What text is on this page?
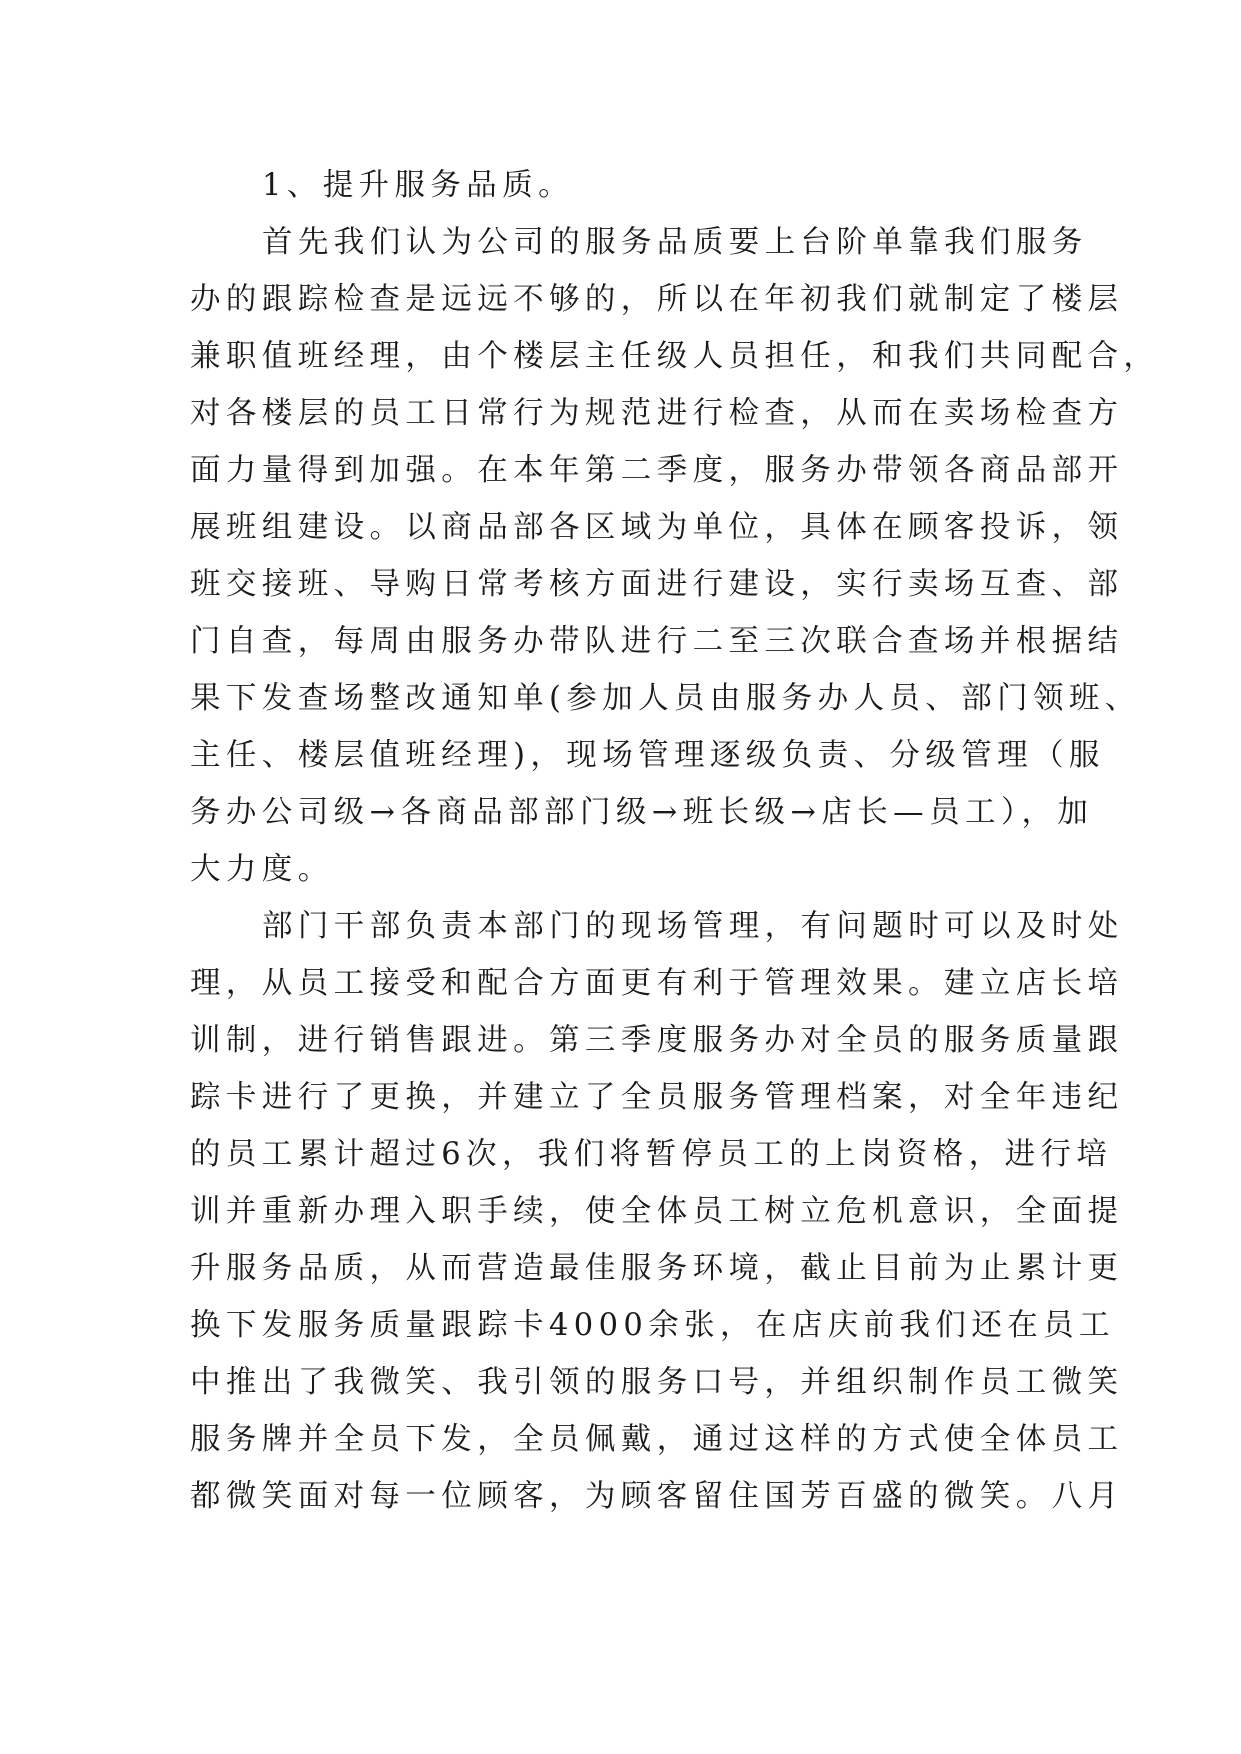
1、提升服务品质。
首先我们认为公司的服务品质要上台阶单靠我们服务
办的跟踪检查是远远不够的，所以在年初我们就制定了楼层
兼职值班经理，由个楼层主任级人员担任，和我们共同配合，
对各楼层的员工日常行为规范进行检查，从而在卖场检查方
面力量得到加强。在本年第二季度，服务办带领各商品部开
展班组建设。以商品部各区域为单位，具体在顾客投诉，领
班交接班、导购日常考核方面进行建设，实行卖场互查、部
门自查，每周由服务办带队进行二至三次联合查场并根据结
果下发查场整改通知单(参加人员由服务办人员、部门领班、
主任、楼层值班经理)，现场管理逐级负责、分级管理（服
务办公司级→各商品部部门级→班长级→店长—员工），加
大力度。
部门干部负责本部门的现场管理，有问题时可以及时处
理，从员工接受和配合方面更有利于管理效果。建立店长培
训制，进行销售跟进。第三季度服务办对全员的服务质量跟
踪卡进行了更换，并建立了全员服务管理档案，对全年违纪
的员工累计超过6次，我们将暂停员工的上岗资格，进行培
训并重新办理入职手续，使全体员工树立危机意识，全面提
升服务品质，从而营造最佳服务环境，截止目前为止累计更
换下发服务质量跟踪卡4000余张，在店庆前我们还在员工
中推出了我微笑、我引领的服务口号，并组织制作员工微笑
服务牌并全员下发，全员佩戴，通过这样的方式使全体员工
都微笑面对每一位顾客，为顾客留住国芳百盛的微笑。八月
